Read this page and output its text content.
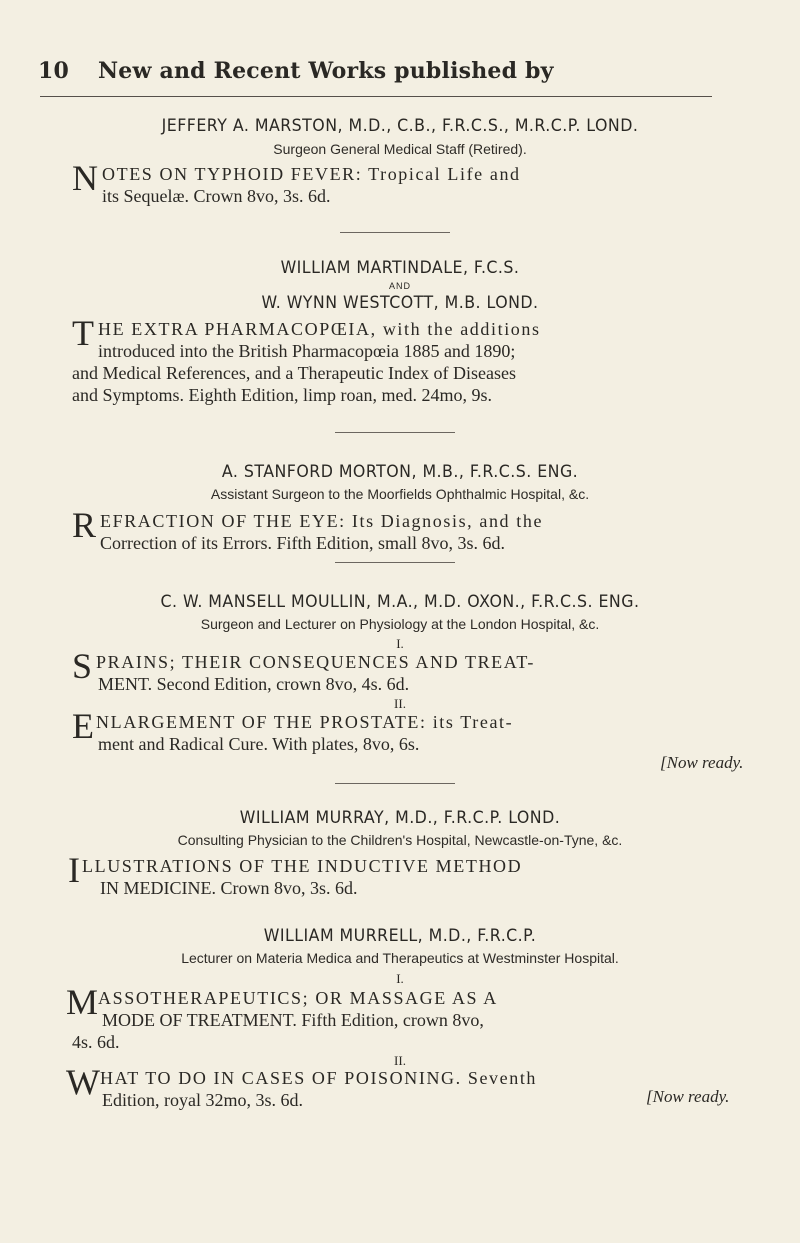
10 New and Recent Works published by
JEFFERY A. MARSTON, M.D., C.B., F.R.C.S., M.R.C.P. LOND.
Surgeon General Medical Staff (Retired).
N OTES ON TYPHOID FEVER: Tropical Life and
its Sequelæ. Crown 8vo, 3s. 6d.
WILLIAM MARTINDALE, F.C.S.
AND
W. WYNN WESTCOTT, M.B. LOND.
T HE EXTRA PHARMACOPŒIA, with the additions
introduced into the British Pharmacopœia 1885 and 1890;
and Medical References, and a Therapeutic Index of Diseases
and Symptoms. Eighth Edition, limp roan, med. 24mo, 9s.
A. STANFORD MORTON, M.B., F.R.C.S. ENG.
Assistant Surgeon to the Moorfields Ophthalmic Hospital, &c.
R EFRACTION OF THE EYE: Its Diagnosis, and the
Correction of its Errors. Fifth Edition, small 8vo, 3s. 6d.
C. W. MANSELL MOULLIN, M.A., M.D. OXON., F.R.C.S. ENG.
Surgeon and Lecturer on Physiology at the London Hospital, &c.
I.
S PRAINS; THEIR CONSEQUENCES AND TREAT-
MENT. Second Edition, crown 8vo, 4s. 6d.
II.
E NLARGEMENT OF THE PROSTATE: its Treat-
ment and Radical Cure. With plates, 8vo, 6s.
[Now ready.
WILLIAM MURRAY, M.D., F.R.C.P. LOND.
Consulting Physician to the Children's Hospital, Newcastle-on-Tyne, &c.
I LLUSTRATIONS OF THE INDUCTIVE METHOD
IN MEDICINE. Crown 8vo, 3s. 6d.
WILLIAM MURRELL, M.D., F.R.C.P.
Lecturer on Materia Medica and Therapeutics at Westminster Hospital.
I.
M ASSOTHERAPEUTICS; OR MASSAGE AS A
MODE OF TREATMENT. Fifth Edition, crown 8vo,
4s. 6d.
II.
W HAT TO DO IN CASES OF POISONING. Seventh
Edition, royal 32mo, 3s. 6d.	[Now ready.
